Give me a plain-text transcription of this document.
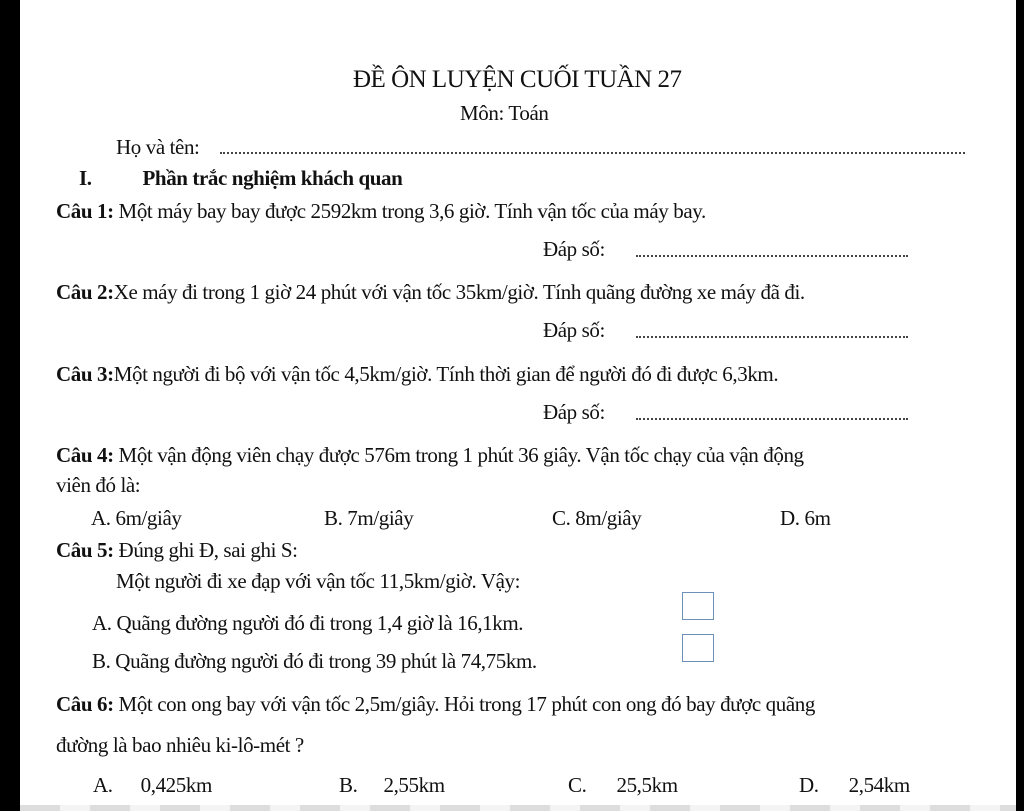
ĐỀ ÔN LUYỆN CUỐI TUẦN 27
Môn: Toán
Họ và tên:
I. Phần trắc nghiệm khách quan
Câu 1: Một máy bay bay được 2592km trong 3,6 giờ. Tính vận tốc của máy bay.
Đáp số:
Câu 2:Xe máy đi trong 1 giờ 24 phút với vận tốc 35km/giờ. Tính quãng đường xe máy đã đi.
Đáp số:
Câu 3:Một người đi bộ với vận tốc 4,5km/giờ. Tính thời gian để người đó đi được 6,3km.
Đáp số:
Câu 4: Một vận động viên chạy được 576m trong 1 phút 36 giây. Vận tốc chạy của vận động
viên đó là:
A. 6m/giây	B. 7m/giây	C. 8m/giây	D. 6m
Câu 5: Đúng ghi Đ, sai ghi S:
Một người đi xe đạp với vận tốc 11,5km/giờ. Vậy:
A. Quãng đường người đó đi trong 1,4 giờ là 16,1km.
B. Quãng đường người đó đi trong 39 phút là 74,75km.
Câu 6: Một con ong bay với vận tốc 2,5m/giây. Hỏi trong 17 phút con ong đó bay được quãng
đường là bao nhiêu ki-lô-mét ?
A. 0,425km	B. 2,55km	C. 25,5km	D. 2,54km
